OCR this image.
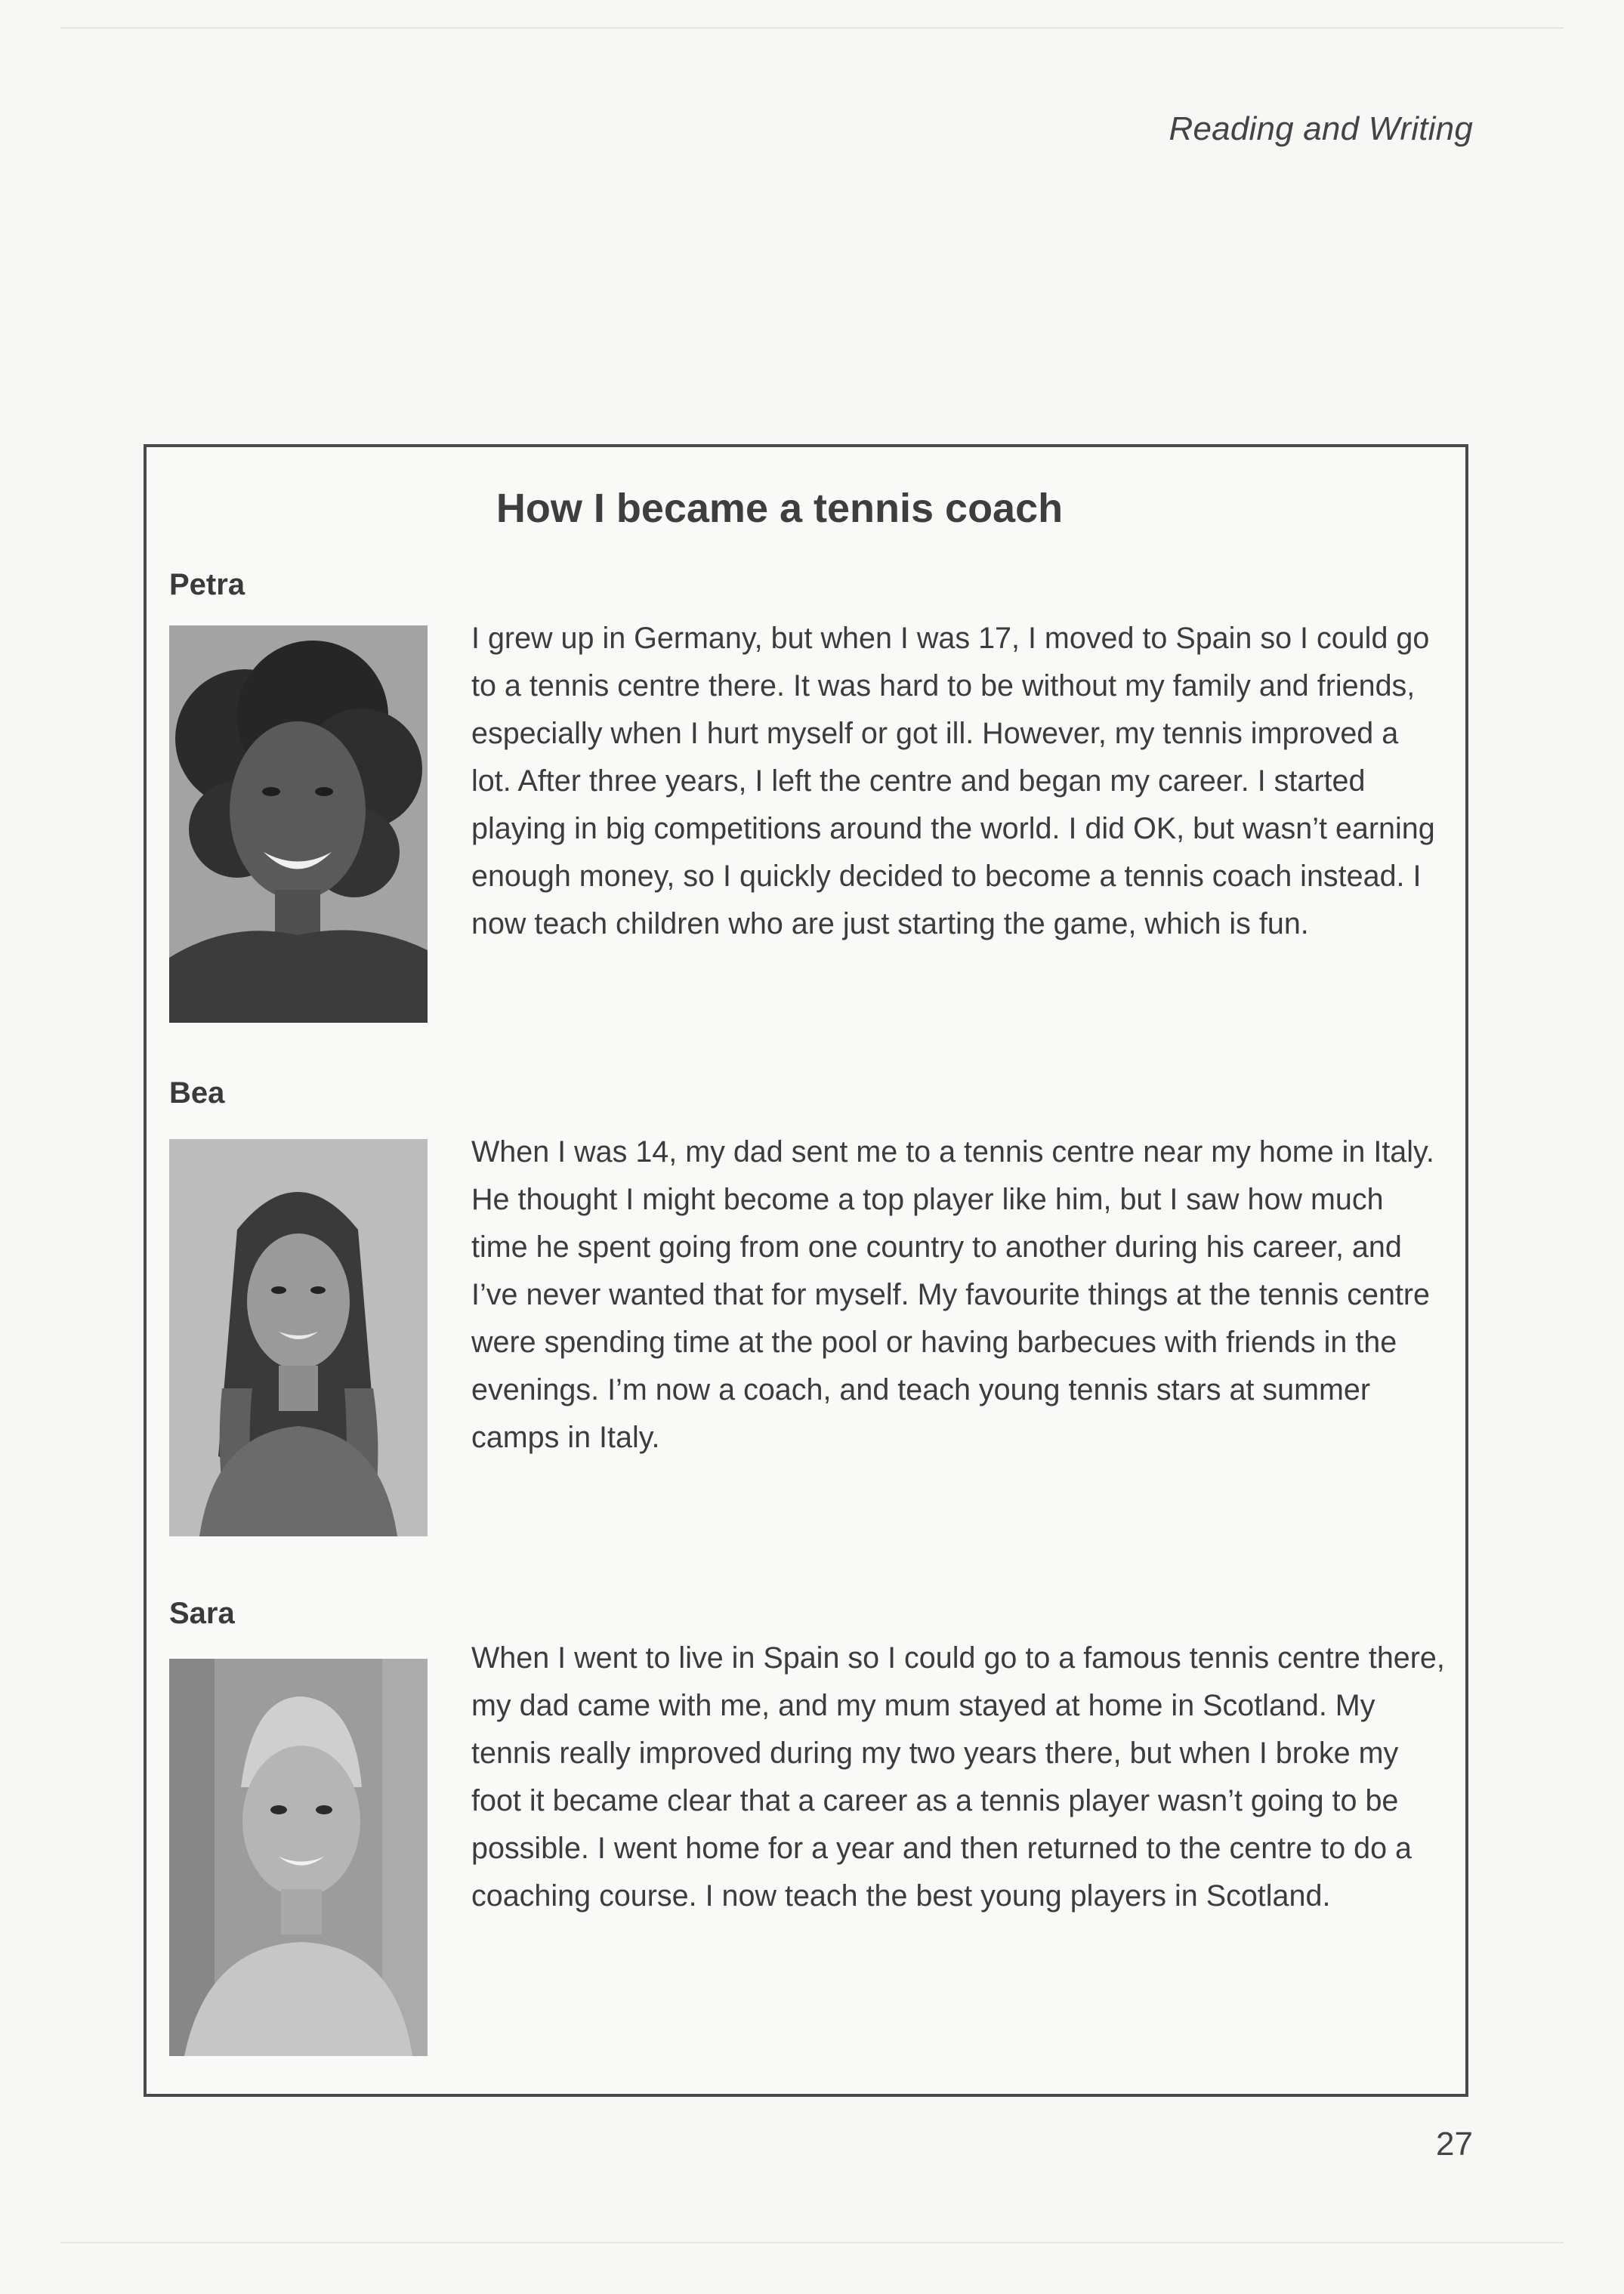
Reading and Writing
How I became a tennis coach
Petra

I grew up in Germany, but when I was 17, I moved to Spain so I could go to a tennis centre there. It was hard to be without my family and friends, especially when I hurt myself or got ill. However, my tennis improved a lot. After three years, I left the centre and began my career. I started playing in big competitions around the world. I did OK, but wasn’t earning enough money, so I quickly decided to become a tennis coach instead. I now teach children who are just starting the game, which is fun.

Bea

When I was 14, my dad sent me to a tennis centre near my home in Italy. He thought I might become a top player like him, but I saw how much time he spent going from one country to another during his career, and I’ve never wanted that for myself. My favourite things at the tennis centre were spending time at the pool or having barbecues with friends in the evenings. I’m now a coach, and teach young tennis stars at summer camps in Italy.

Sara

When I went to live in Spain so I could go to a famous tennis centre there, my dad came with me, and my mum stayed at home in Scotland. My tennis really improved during my two years there, but when I broke my foot it became clear that a career as a tennis player wasn’t going to be possible. I went home for a year and then returned to the centre to do a coaching course. I now teach the best young players in Scotland.

27
